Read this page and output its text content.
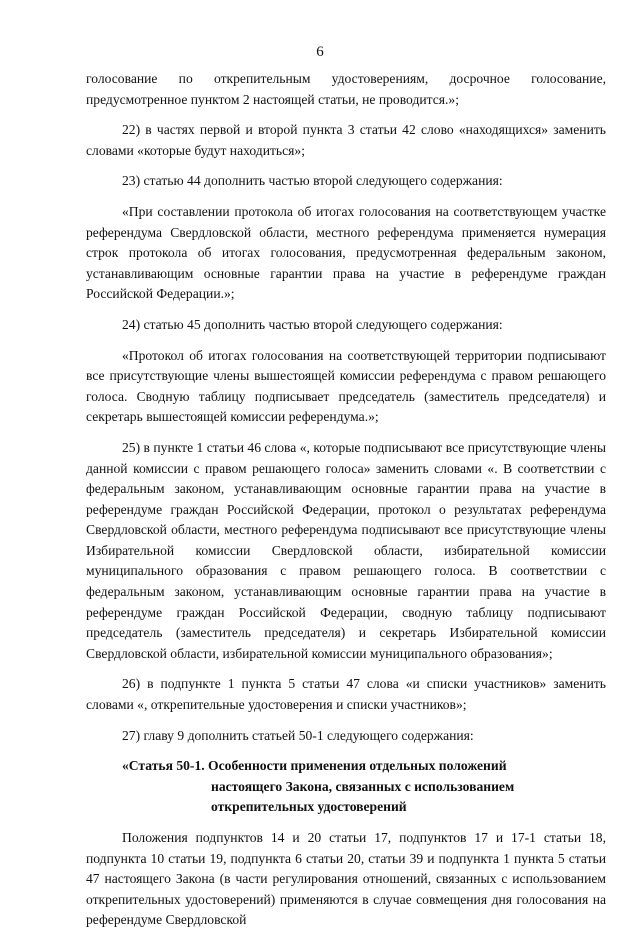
6

голосование по открепительным удостоверениям, досрочное голосование, предусмотренное пунктом 2 настоящей статьи, не проводится.»;

22) в частях первой и второй пункта 3 статьи 42 слово «находящихся» заменить словами «которые будут находиться»;

23) статью 44 дополнить частью второй следующего содержания:

«При составлении протокола об итогах голосования на соответствующем участке референдума Свердловской области, местного референдума применяется нумерация строк протокола об итогах голосования, предусмотренная федеральным законом, устанавливающим основные гарантии права на участие в референдуме граждан Российской Федерации.»;

24) статью 45 дополнить частью второй следующего содержания:

«Протокол об итогах голосования на соответствующей территории подписывают все присутствующие члены вышестоящей комиссии референдума с правом решающего голоса. Сводную таблицу подписывает председатель (заместитель председателя) и секретарь вышестоящей комиссии референдума.»;

25) в пункте 1 статьи 46 слова «, которые подписывают все присутствующие члены данной комиссии с правом решающего голоса» заменить словами «. В соответствии с федеральным законом, устанавливающим основные гарантии права на участие в референдуме граждан Российской Федерации, протокол о результатах референдума Свердловской области, местного референдума подписывают все присутствующие члены Избирательной комиссии Свердловской области, избирательной комиссии муниципального образования с правом решающего голоса. В соответствии с федеральным законом, устанавливающим основные гарантии права на участие в референдуме граждан Российской Федерации, сводную таблицу подписывают председатель (заместитель председателя) и секретарь Избирательной комиссии Свердловской области, избирательной комиссии муниципального образования»;

26) в подпункте 1 пункта 5 статьи 47 слова «и списки участников» заменить словами «, открепительные удостоверения и списки участников»;

27) главу 9 дополнить статьей 50-1 следующего содержания:

«Статья 50-1. Особенности применения отдельных положений
настоящего Закона, связанных с использованием
открепительных удостоверений

Положения подпунктов 14 и 20 статьи 17, подпунктов 17 и 17-1 статьи 18, подпункта 10 статьи 19, подпункта 6 статьи 20, статьи 39 и подпункта 1 пункта 5 статьи 47 настоящего Закона (в части регулирования отношений, связанных с использованием открепительных удостоверений) применяются в случае совмещения дня голосования на референдуме Свердловской
